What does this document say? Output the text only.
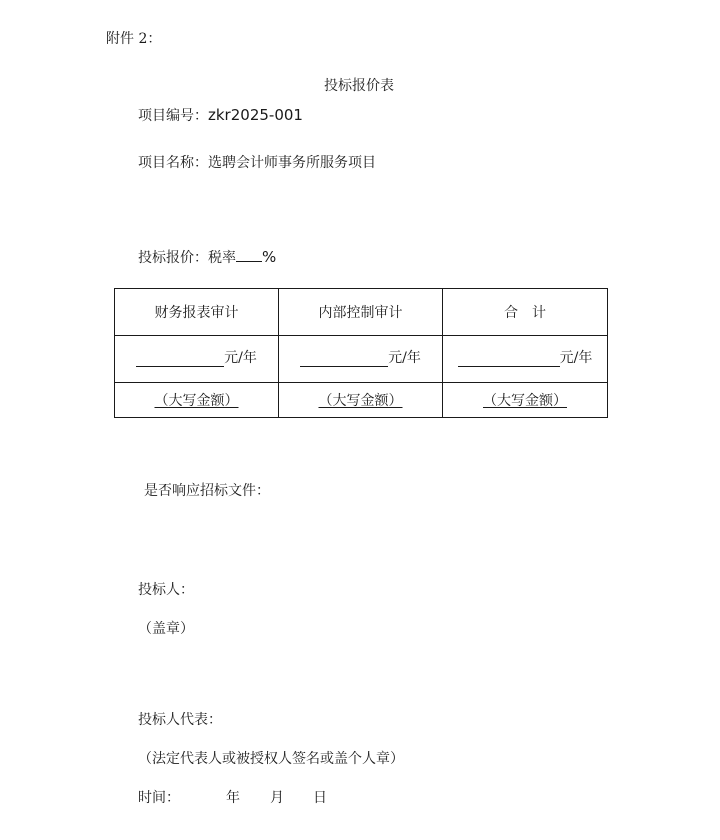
附件 2：
投标报价表
项目编号：zkr2025-001
项目名称：选聘会计师事务所服务项目
投标报价：税率 %
财务报表审计	内部控制审计	合　计

元/年	元/年	元/年

（大写金额）	（大写金额）	（大写金额）
是否响应招标文件：
投标人：
（盖章）
投标人代表：
（法定代表人或被授权人签名或盖个人章）
时间：	年 月 日
